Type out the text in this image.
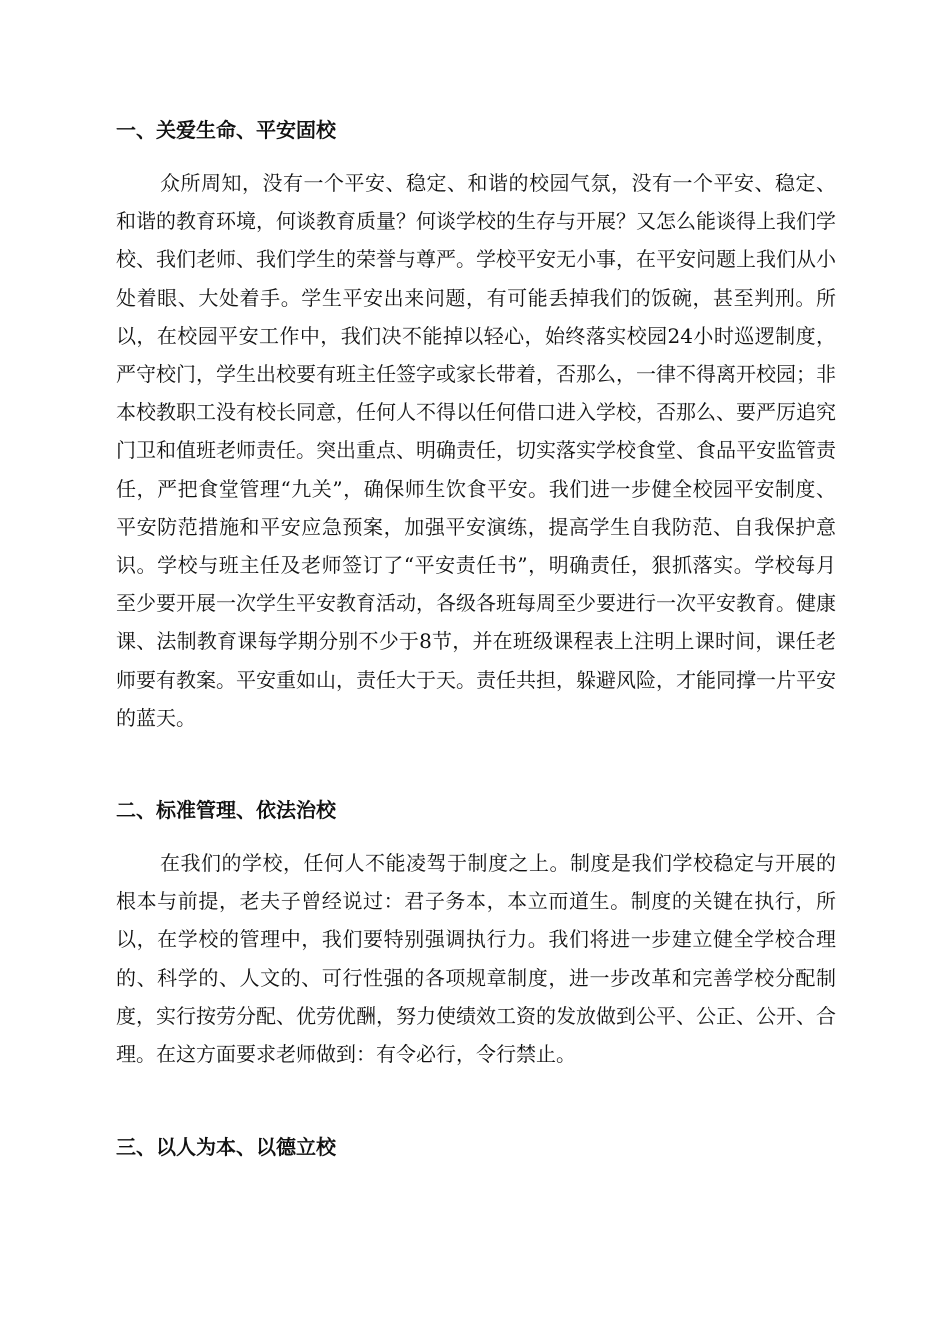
一、关爱生命、平安固校

众所周知，没有一个平安、稳定、和谐的校园气氛，没有一个平安、稳定、和谐的教育环境，何谈教育质量？何谈学校的生存与开展？又怎么能谈得上我们学校、我们老师、我们学生的荣誉与尊严。学校平安无小事，在平安问题上我们从小处着眼、大处着手。学生平安出来问题，有可能丢掉我们的饭碗，甚至判刑。所以，在校园平安工作中，我们决不能掉以轻心，始终落实校园24小时巡逻制度，严守校门，学生出校要有班主任签字或家长带着，否那么，一律不得离开校园；非本校教职工没有校长同意，任何人不得以任何借口进入学校，否那么、要严厉追究门卫和值班老师责任。突出重点、明确责任，切实落实学校食堂、食品平安监管责任，严把食堂管理“九关”，确保师生饮食平安。我们进一步健全校园平安制度、平安防范措施和平安应急预案，加强平安演练，提高学生自我防范、自我保护意识。学校与班主任及老师签订了“平安责任书”，明确责任，狠抓落实。学校每月至少要开展一次学生平安教育活动，各级各班每周至少要进行一次平安教育。健康课、法制教育课每学期分别不少于8节，并在班级课程表上注明上课时间，课任老师要有教案。平安重如山，责任大于天。责任共担，躲避风险，才能同撑一片平安的蓝天。

二、标准管理、依法治校

在我们的学校，任何人不能凌驾于制度之上。制度是我们学校稳定与开展的根本与前提，老夫子曾经说过：君子务本，本立而道生。制度的关键在执行，所以，在学校的管理中，我们要特别强调执行力。我们将进一步建立健全学校合理的、科学的、人文的、可行性强的各项规章制度，进一步改革和完善学校分配制度，实行按劳分配、优劳优酬，努力使绩效工资的发放做到公平、公正、公开、合理。在这方面要求老师做到：有令必行，令行禁止。

三、以人为本、以德立校
